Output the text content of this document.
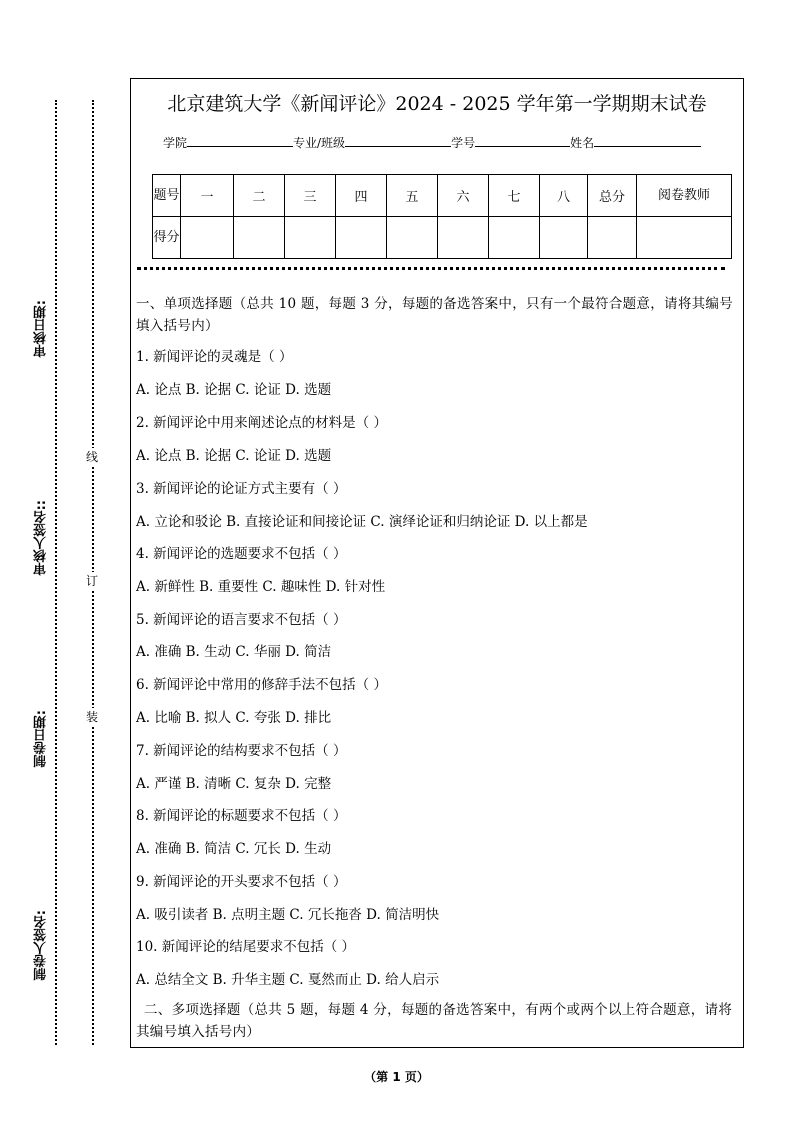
审核日期:
审核人签名::
制卷日期:
制卷人签名:
线
订
装
北京建筑大学《新闻评论》2024 - 2025 学年第一学期期末试卷
学院	专业/班级	学号	姓名
题号	一	二	三	四	五	六	七	八	总分	阅卷教师
得分										
一、单项选择题（总共 10 题，每题 3 分，每题的备选答案中，只有一个最符合题意，请将其编号填入括号内）
1. 新闻评论的灵魂是（ ）
A. 论点 B. 论据 C. 论证 D. 选题
2. 新闻评论中用来阐述论点的材料是（ ）
A. 论点 B. 论据 C. 论证 D. 选题
3. 新闻评论的论证方式主要有（ ）
A. 立论和驳论 B. 直接论证和间接论证 C. 演绎论证和归纳论证 D. 以上都是
4. 新闻评论的选题要求不包括（ ）
A. 新鲜性 B. 重要性 C. 趣味性 D. 针对性
5. 新闻评论的语言要求不包括（ ）
A. 准确 B. 生动 C. 华丽 D. 简洁
6. 新闻评论中常用的修辞手法不包括（ ）
A. 比喻 B. 拟人 C. 夸张 D. 排比
7. 新闻评论的结构要求不包括（ ）
A. 严谨 B. 清晰 C. 复杂 D. 完整
8. 新闻评论的标题要求不包括（ ）
A. 准确 B. 简洁 C. 冗长 D. 生动
9. 新闻评论的开头要求不包括（ ）
A. 吸引读者 B. 点明主题 C. 冗长拖沓 D. 简洁明快
10. 新闻评论的结尾要求不包括（ ）
A. 总结全文 B. 升华主题 C. 戛然而止 D. 给人启示
二、多项选择题（总共 5 题，每题 4 分，每题的备选答案中，有两个或两个以上符合题意，请将其编号填入括号内）
（第 1 页）
